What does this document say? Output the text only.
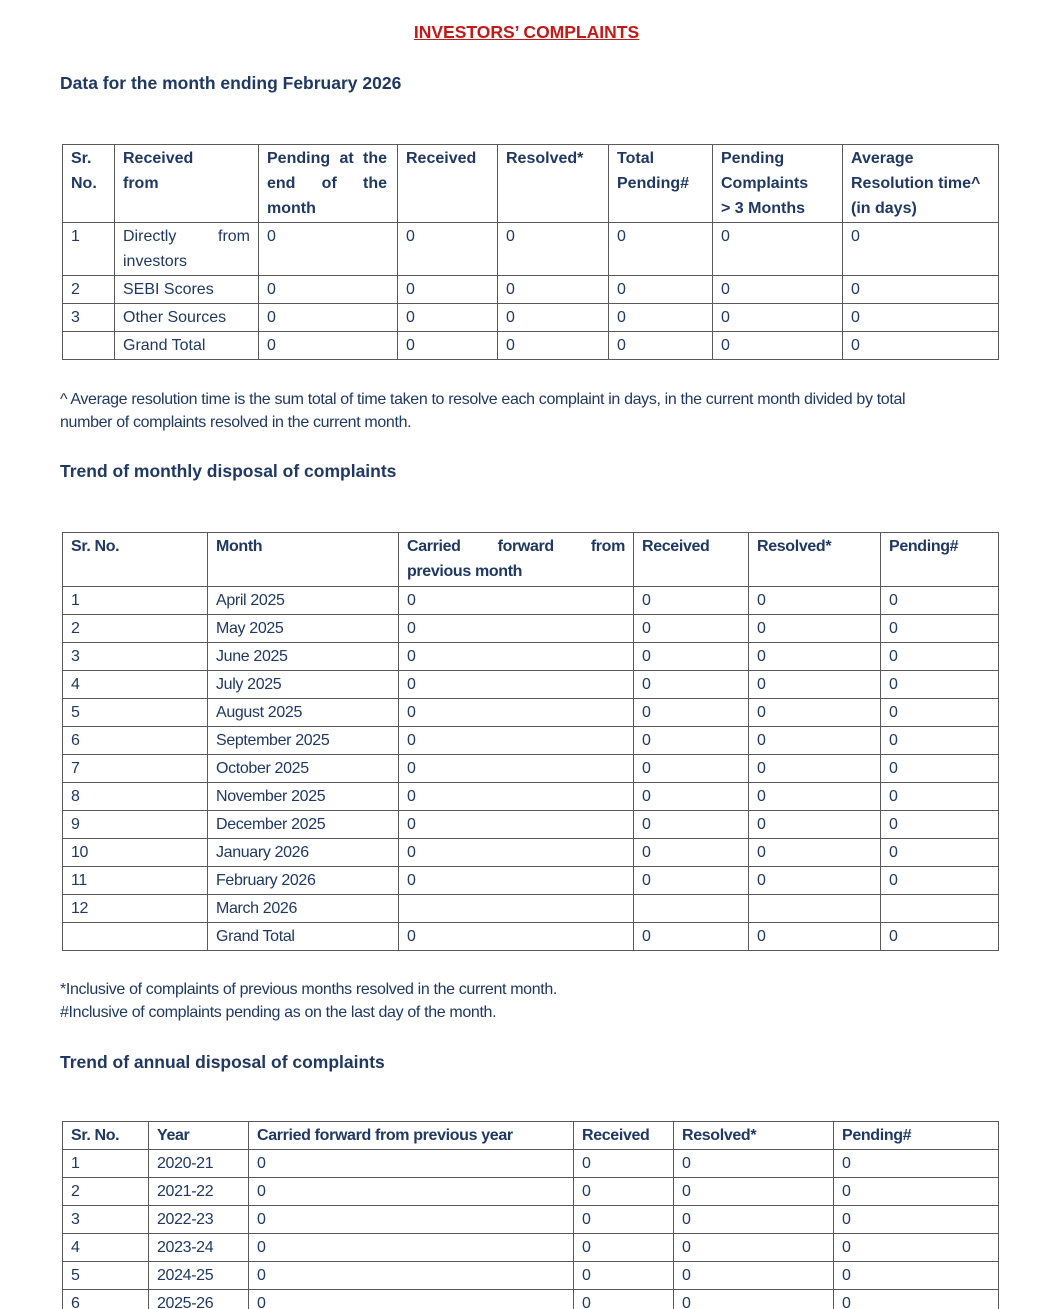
INVESTORS’ COMPLAINTS
Data for the month ending February 2026
Sr. No.	Received from	Pending at the end of the month	Received	Resolved*	Total Pending#	Pending Complaints > 3 Months	Average Resolution time^ (in days)

1	Directly from investors	0	0	0	0	0	0
2	SEBI Scores	0	0	0	0	0	0
3	Other Sources	0	0	0	0	0	0
	Grand Total	0	0	0	0	0	0
^ Average resolution time is the sum total of time taken to resolve each complaint in days, in the current month divided by total number of complaints resolved in the current month.
Trend of monthly disposal of complaints
Sr. No.	Month	Carried forward from previous month	Received	Resolved*	Pending#

1	April 2025	0	0	0	0
2	May 2025	0	0	0	0
3	June 2025	0	0	0	0
4	July 2025	0	0	0	0
5	August 2025	0	0	0	0
6	September 2025	0	0	0	0
7	October 2025	0	0	0	0
8	November 2025	0	0	0	0
9	December 2025	0	0	0	0
10	January 2026	0	0	0	0
11	February 2026	0	0	0	0
12	March 2026				
	Grand Total	0	0	0	0
*Inclusive of complaints of previous months resolved in the current month.
#Inclusive of complaints pending as on the last day of the month.
Trend of annual disposal of complaints
Sr. No.	Year	Carried forward from previous year	Received	Resolved*	Pending#

1	2020-21	0	0	0	0
2	2021-22	0	0	0	0
3	2022-23	0	0	0	0
4	2023-24	0	0	0	0
5	2024-25	0	0	0	0
6	2025-26	0	0	0	0
